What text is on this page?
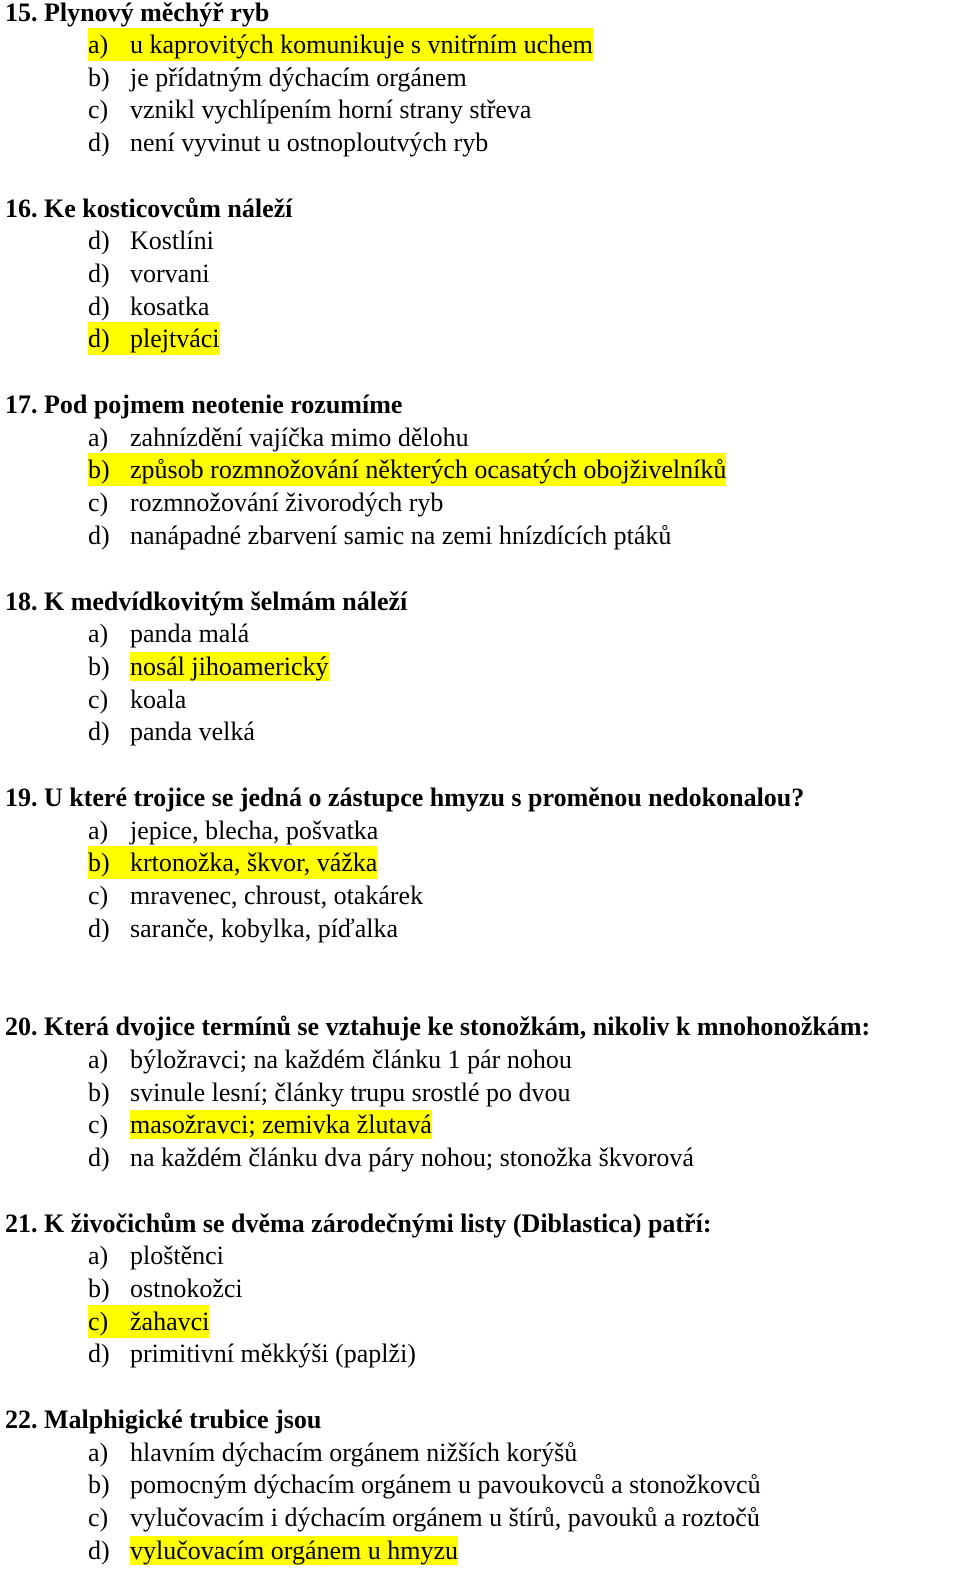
15. Plynový měchýř ryb
a) u kaprovitých komunikuje s vnitřním uchem
b) je přídatným dýchacím orgánem
c) vznikl vychlípením horní strany střeva
d) není vyvinut u ostnoploutvých ryb
16. Ke kosticovcům náleží
d) Kostlíni
d) vorvani
d) kosatka
d) plejtváci
17. Pod pojmem neotenie rozumíme
a) zahnízdění vajíčka mimo dělohu
b) způsob rozmnožování některých ocasatých obojživelníků
c) rozmnožování živorodých ryb
d) nanápadné zbarvení samic na zemi hnízdících ptáků
18. K medvídkovitým šelmám náleží
a) panda malá
b) nosál jihoamerický
c) koala
d) panda velká
19. U které trojice se jedná o zástupce hmyzu s proměnou nedokonalou?
a) jepice, blecha, pošvatka
b) krtonožka, škvor, vážka
c) mravenec, chroust, otakárek
d) saranče, kobylka, píďalka
20. Která dvojice termínů se vztahuje ke stonožkám, nikoliv k mnohonožkám:
a) býložravci; na každém článku 1 pár nohou
b) svinule lesní; články trupu srostlé po dvou
c) masožravci; zemivka žlutavá
d) na každém článku dva páry nohou; stonožka škvorová
21. K živočichům se dvěma zárodečnými listy (Diblastica) patří:
a) ploštěnci
b) ostnokožci
c) žahavci
d) primitivní měkkýši (paplži)
22. Malphigické trubice jsou
a) hlavním dýchacím orgánem nižších korýšů
b) pomocným dýchacím orgánem u pavoukovců a stonožkovců
c) vylučovacím i dýchacím orgánem u štírů, pavouků a roztočů
d) vylučovacím orgánem u hmyzu
